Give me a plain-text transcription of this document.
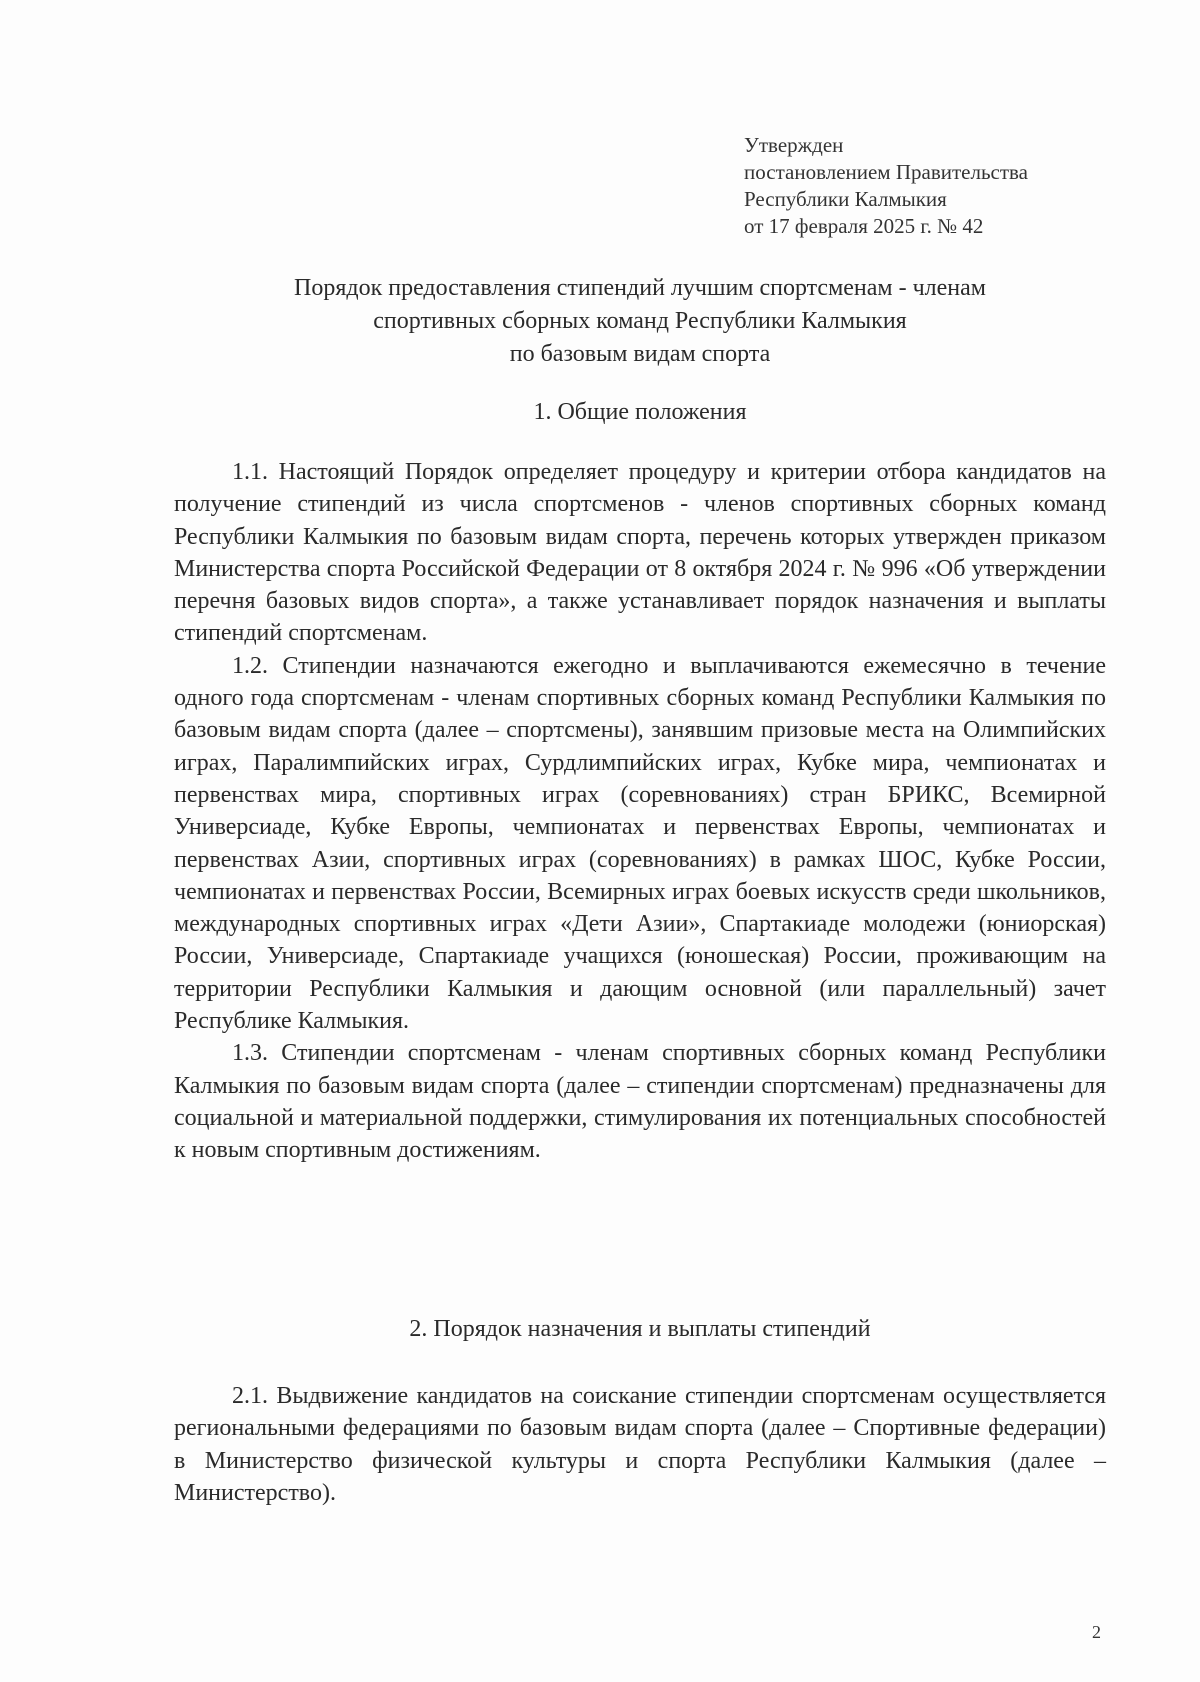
Утвержден
постановлением Правительства
Республики Калмыкия
от 17 февраля 2025 г. № 42
Порядок предоставления стипендий лучшим спортсменам - членам
спортивных сборных команд Республики Калмыкия
по базовым видам спорта
1. Общие положения

1.1. Настоящий Порядок определяет процедуру и критерии отбора кандидатов на получение стипендий из числа спортсменов - членов спортивных сборных команд Республики Калмыкия по базовым видам спорта, перечень которых утвержден приказом Министерства спорта Российской Федерации от 8 октября 2024 г. № 996 «Об утверждении перечня базовых видов спорта», а также устанавливает порядок назначения и выплаты стипендий спортсменам.

1.2. Стипендии назначаются ежегодно и выплачиваются ежемесячно в течение одного года спортсменам - членам спортивных сборных команд Республики Калмыкия по базовым видам спорта (далее – спортсмены), занявшим призовые места на Олимпийских играх, Паралимпийских играх, Сурдлимпийских играх, Кубке мира, чемпионатах и первенствах мира, спортивных играх (соревнованиях) стран БРИКС, Всемирной Универсиаде, Кубке Европы, чемпионатах и первенствах Европы, чемпионатах и первенствах Азии, спортивных играх (соревнованиях) в рамках ШОС, Кубке России, чемпионатах и первенствах России, Всемирных играх боевых искусств среди школьников, международных спортивных играх «Дети Азии», Спартакиаде молодежи (юниорская) России, Универсиаде, Спартакиаде учащихся (юношеская) России, проживающим на территории Республики Калмыкия и дающим основной (или параллельный) зачет Республике Калмыкия.

1.3. Стипендии спортсменам - членам спортивных сборных команд Республики Калмыкия по базовым видам спорта (далее – стипендии спортсменам) предназначены для социальной и материальной поддержки, стимулирования их потенциальных способностей к новым спортивным достижениям.

2. Порядок назначения и выплаты стипендий

2.1. Выдвижение кандидатов на соискание стипендии спортсменам осуществляется региональными федерациями по базовым видам спорта (далее – Спортивные федерации) в Министерство физической культуры и спорта Республики Калмыкия (далее – Министерство).

2
